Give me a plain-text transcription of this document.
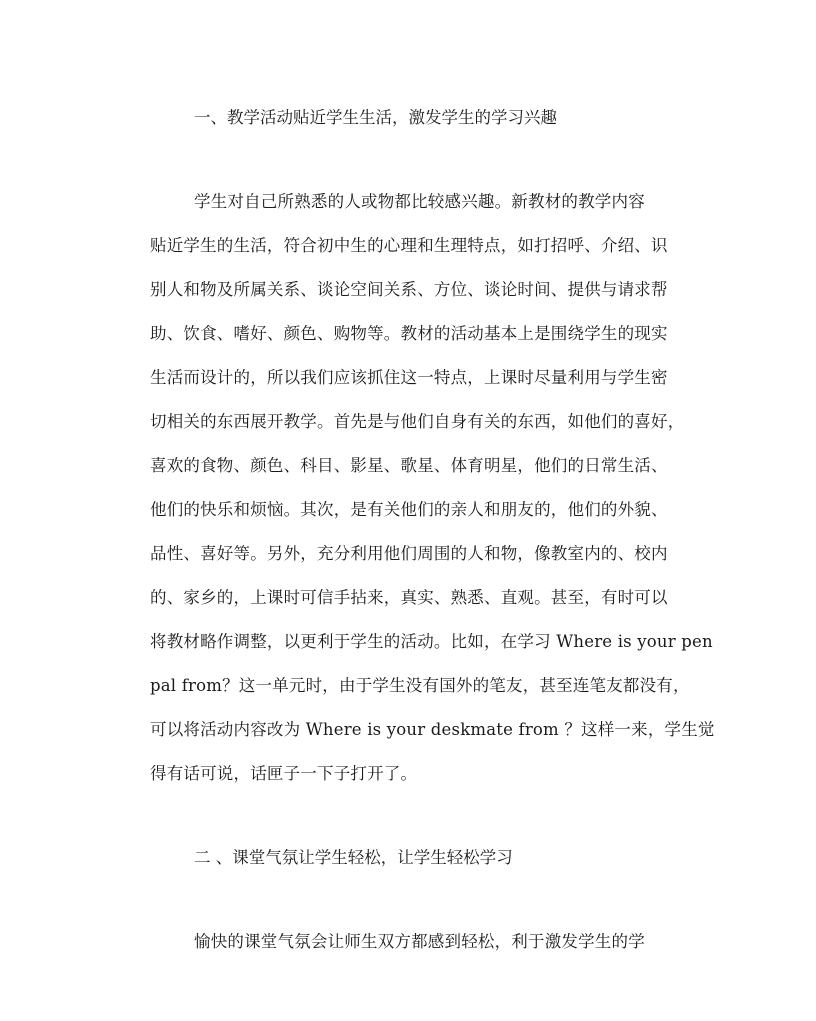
一、教学活动贴近学生生活，激发学生的学习兴趣
学生对自己所熟悉的人或物都比较感兴趣。新教材的教学内容
贴近学生的生活，符合初中生的心理和生理特点，如打招呼、介绍、识
别人和物及所属关系、谈论空间关系、方位、谈论时间、提供与请求帮
助、饮食、嗜好、颜色、购物等。教材的活动基本上是围绕学生的现实
生活而设计的，所以我们应该抓住这一特点，上课时尽量利用与学生密
切相关的东西展开教学。首先是与他们自身有关的东西，如他们的喜好，
喜欢的食物、颜色、科目、影星、歌星、体育明星，他们的日常生活、
他们的快乐和烦恼。其次，是有关他们的亲人和朋友的，他们的外貌、
品性、喜好等。另外，充分利用他们周围的人和物，像教室内的、校内
的、家乡的，上课时可信手拈来，真实、熟悉、直观。甚至，有时可以
将教材略作调整，以更利于学生的活动。比如，在学习 Where is your pen
pal from？这一单元时，由于学生没有国外的笔友，甚至连笔友都没有，
可以将活动内容改为 Where is your deskmate from ？这样一来，学生觉
得有话可说，话匣子一下子打开了。
二 、课堂气氛让学生轻松，让学生轻松学习
愉快的课堂气氛会让师生双方都感到轻松，利于激发学生的学
